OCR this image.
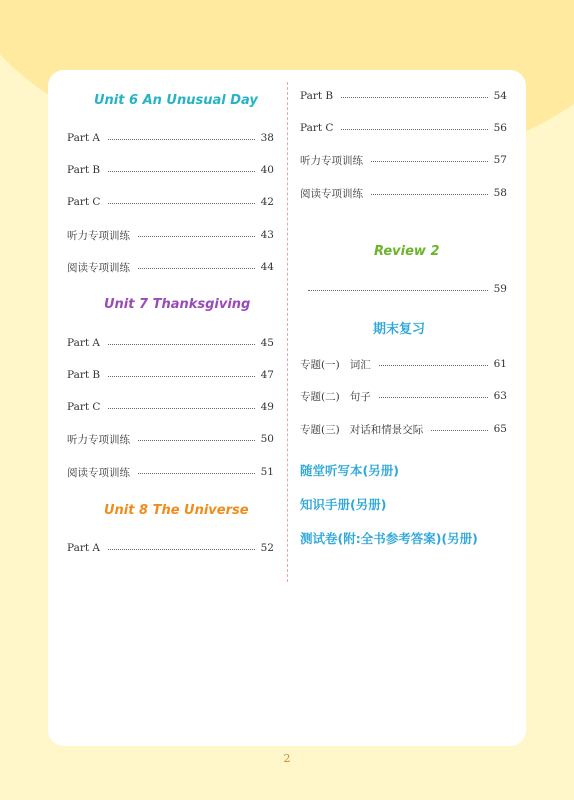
Unit 6 An Unusual Day
Part A	38
Part B	40
Part C	42
听力专项训练	43
阅读专项训练	44
Unit 7 Thanksgiving
Part A	45
Part B	47
Part C	49
听力专项训练	50
阅读专项训练	51
Unit 8 The Universe
Part A	52
Part B	54
Part C	56
听力专项训练	57
阅读专项训练	58
Review 2
59
期末复习
专题(一) 词汇	61
专题(二) 句子	63
专题(三) 对话和情景交际	65
随堂听写本(另册)
知识手册(另册)
测试卷(附:全书参考答案)(另册)
2
